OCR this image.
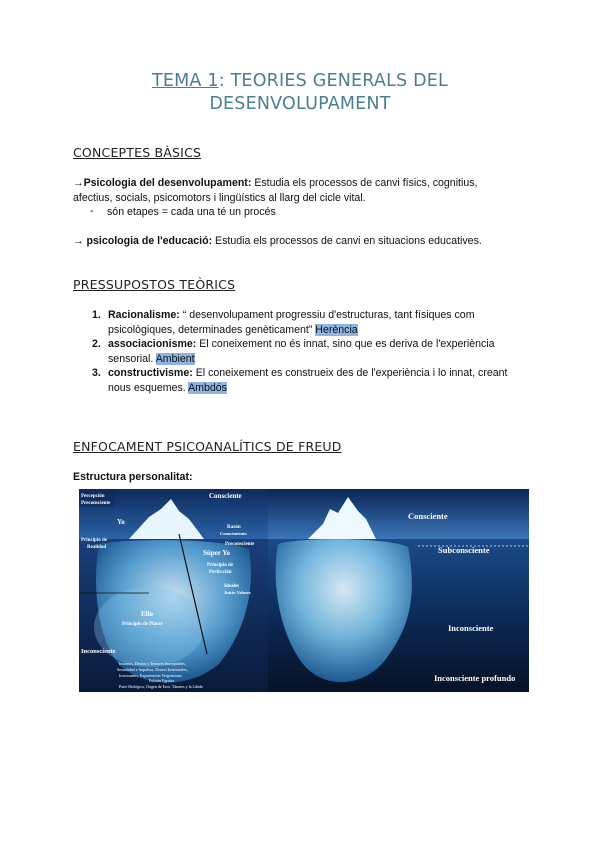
TEMA 1: TEORIES GENERALS DEL
DESENVOLUPAMENT
CONCEPTES BÀSICS
→Psicologia del desenvolupament: Estudia els processos de canvi físics, cognitius,
afectius, socials, psicomotors i lingüístics al llarg del cicle vital.
- són etapes = cada una té un procés
→ psicologia de l'educació: Estudia els processos de canvi en situacions educatives.
PRESSUPOSTOS TEÒRICS
1. Racionalisme: “ desenvolupament progressiu d'estructuras, tant físiques com psicològiques, determinades genèticament” Herència
2. associacionisme: El coneixement no és innat, sino que es deriva de l'experiència sensorial. Ambient
3. constructivisme: El coneixement es construeix des de l'experiència i lo innat, creant nous esquemes. Ambdós
ENFOCAMENT PSICOANALÍTICS DE FREUD
Estructura personalitat:
Percepción
Preconsciente
Consciente
Yo
Principio de
Realidad
Razón
Conocimiento
Preconsciente
Súper Yo
Principio de
Perfección
Ideales
Juicio Valores
Ello
Principio de Placer
Inconsciente
Instintos, Deseos y Temores Inaceptables,
Sexualidad e Impulsos, Deseos Irracionales,
Irracionales, Experiencias Vergonzosas
Pulsión Egoísta
Parte Biológica, Origen de Eros, Tánatos y la Libido
Consciente
Subconsciente
Inconsciente
Inconsciente profundo
